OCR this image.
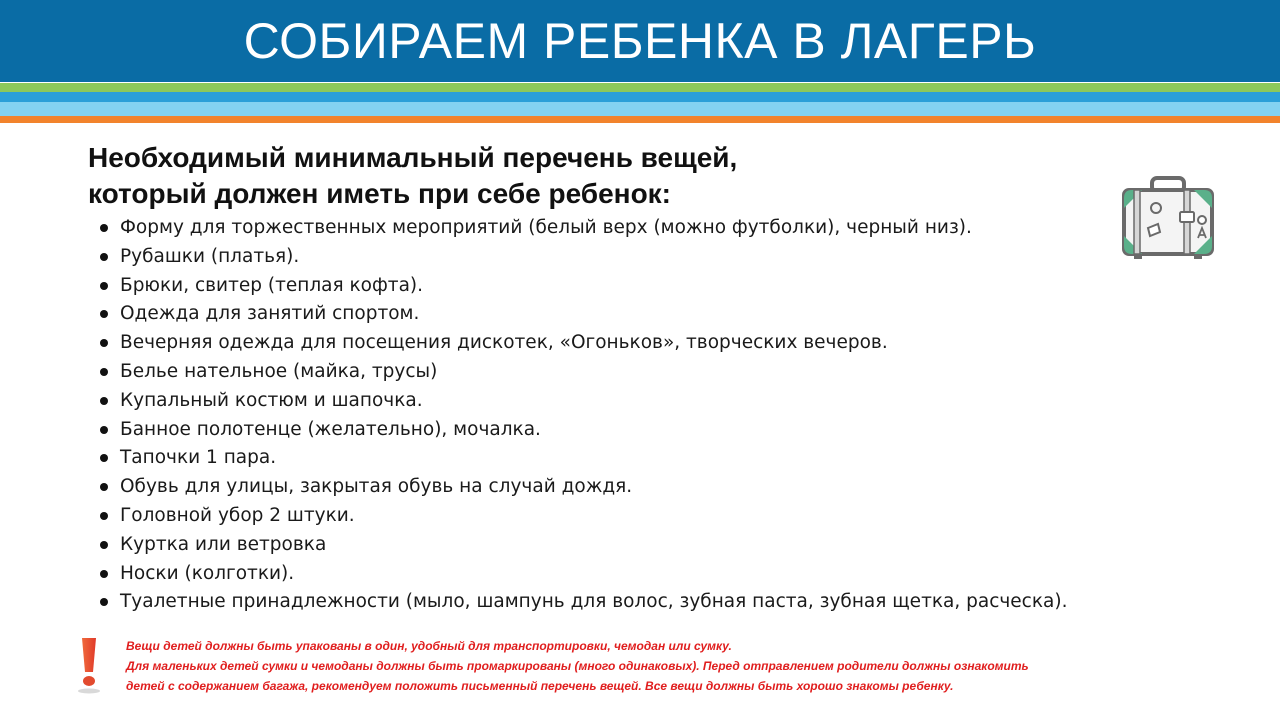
СОБИРАЕМ РЕБЕНКА В ЛАГЕРЬ
Необходимый минимальный перечень вещей,
который должен иметь при себе ребенок:
Форму для торжественных мероприятий (белый верх (можно футболки), черный низ).
Рубашки (платья).
Брюки, свитер (теплая кофта).
Одежда для занятий спортом.
Вечерняя одежда для посещения дискотек, «Огоньков», творческих вечеров.
Белье нательное (майка, трусы)
Купальный костюм и шапочка.
Банное полотенце (желательно), мочалка.
Тапочки 1 пара.
Обувь для улицы, закрытая обувь на случай дождя.
Головной убор 2 штуки.
Куртка или ветровка
Носки (колготки).
Туалетные принадлежности (мыло, шампунь для волос, зубная паста, зубная щетка, расческа).

Вещи детей должны быть упакованы в один, удобный для транспортировки, чемодан или сумку.
Для маленьких детей сумки и чемоданы должны быть промаркированы (много одинаковых). Перед отправлением родители должны ознакомить
детей с содержанием багажа, рекомендуем положить письменный перечень вещей. Все вещи должны быть хорошо знакомы ребенку.
